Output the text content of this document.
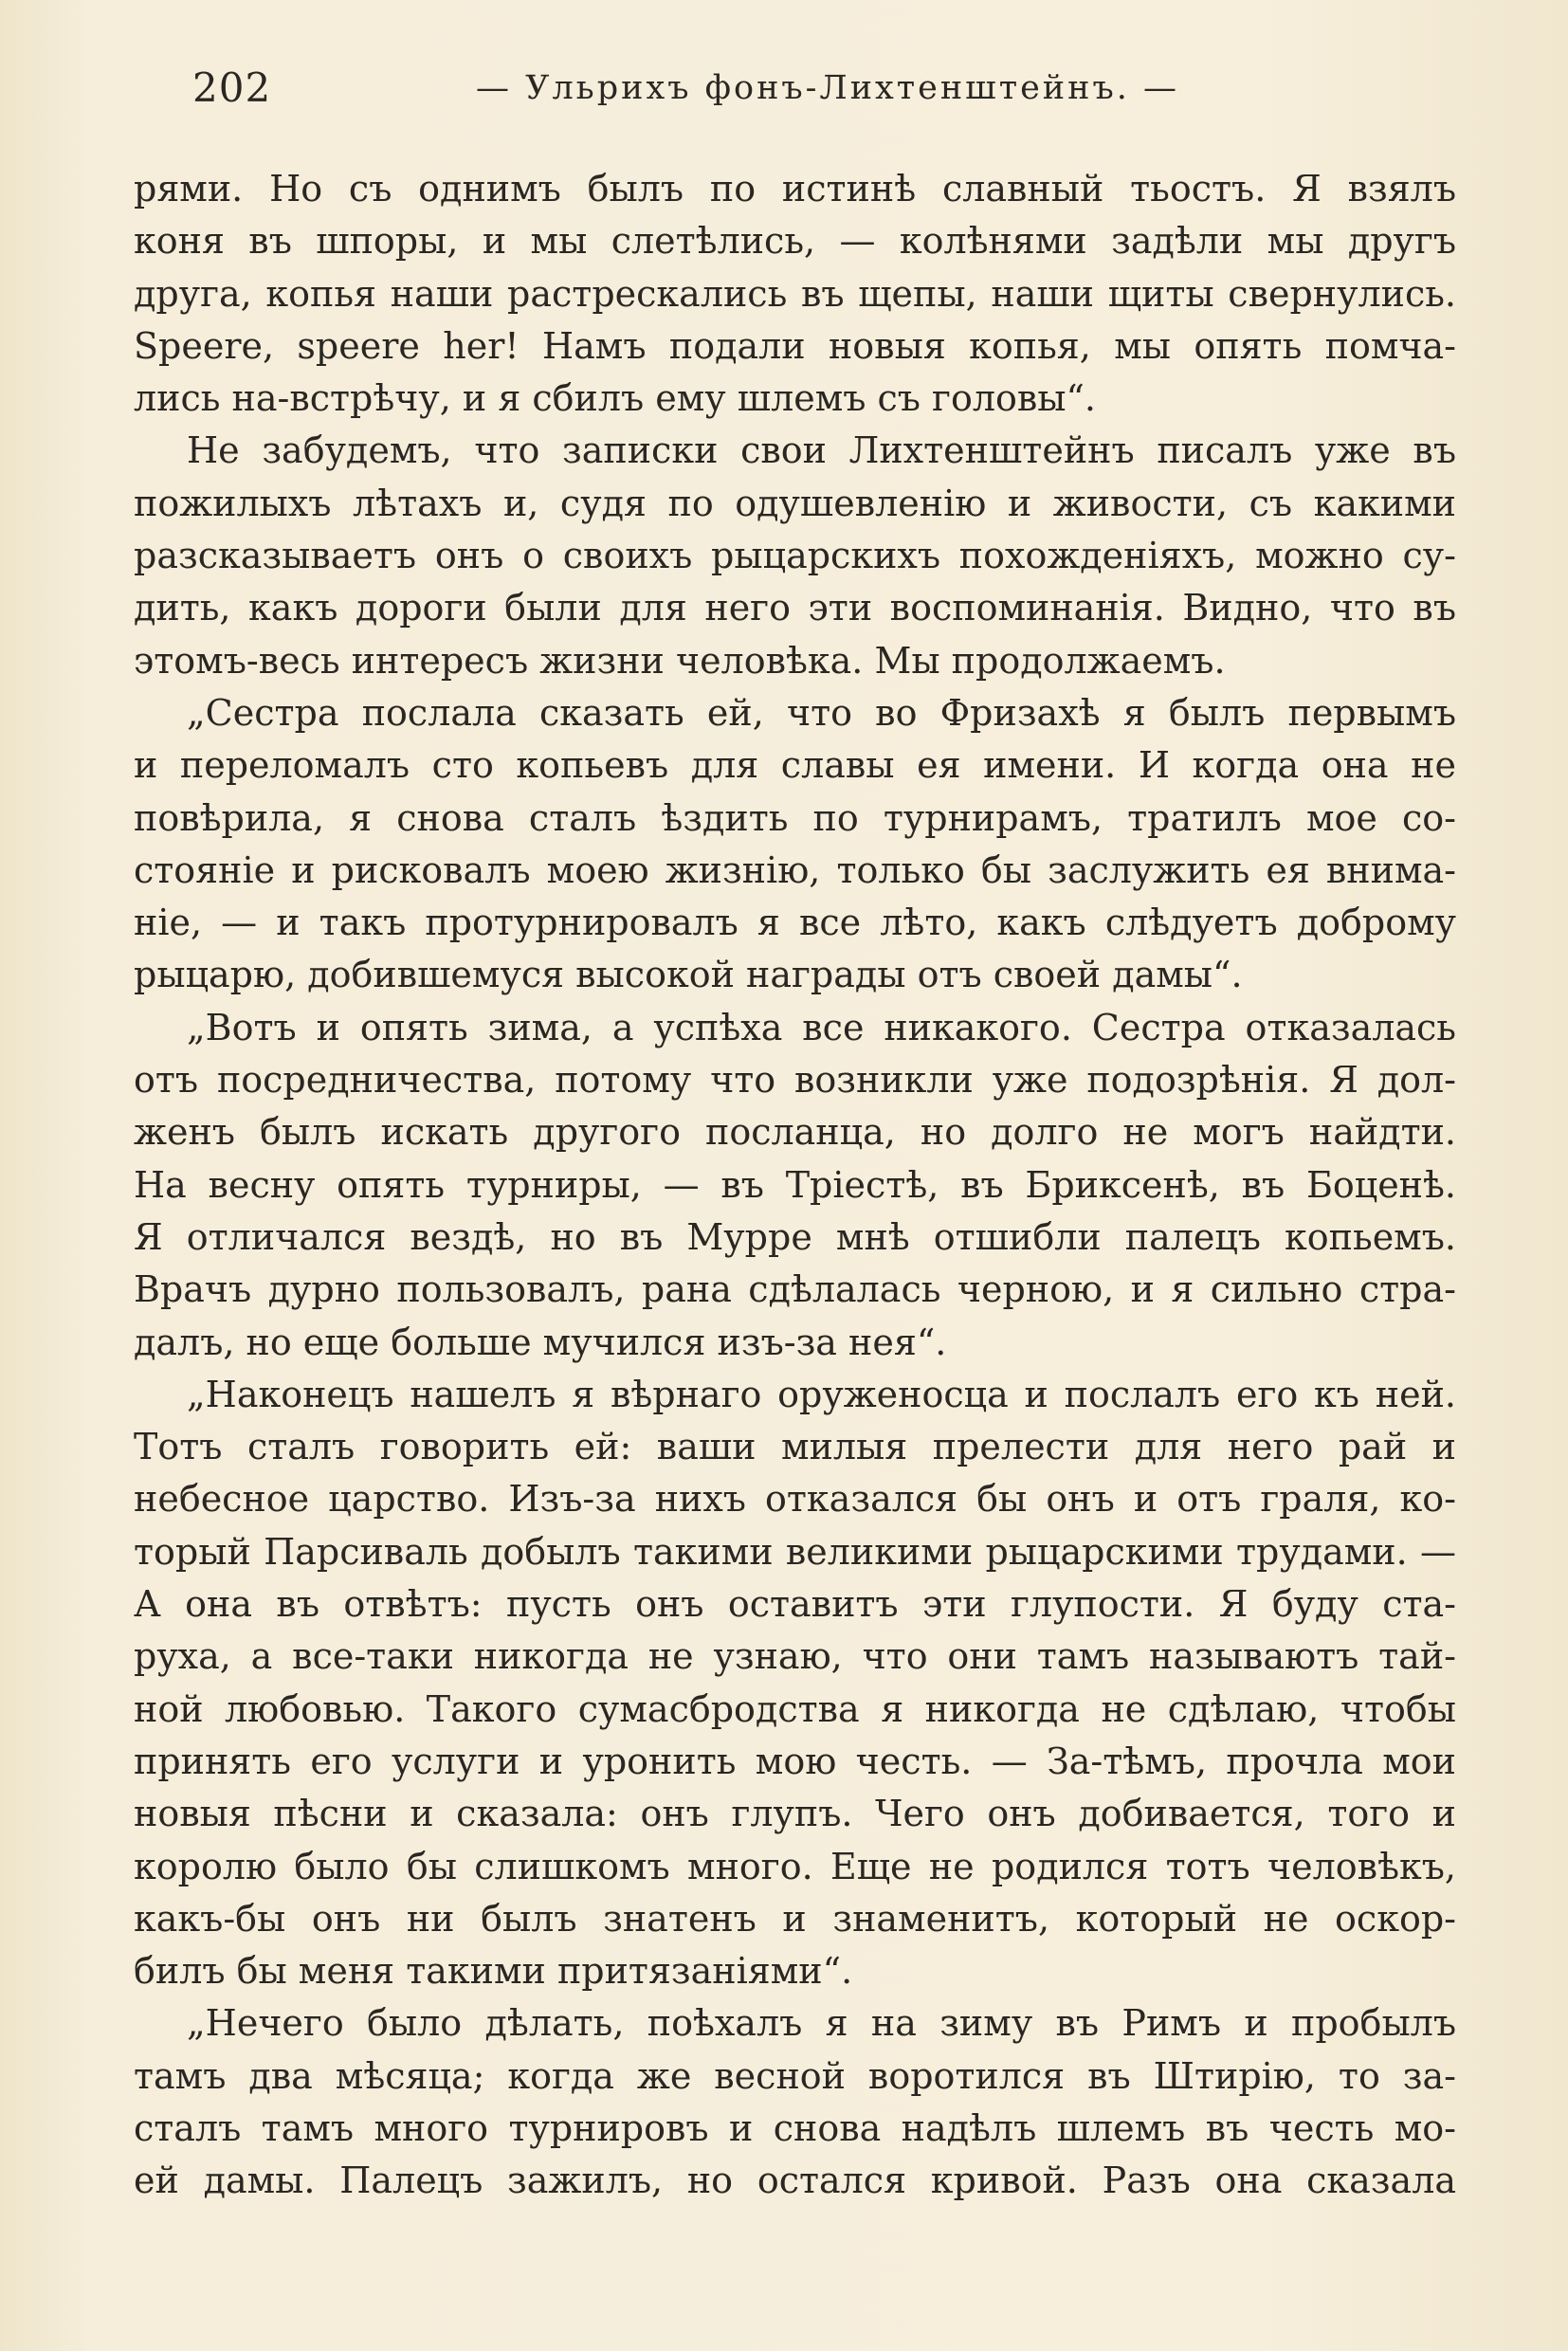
202	— Ульрихъ фонъ-Лихтенштейнъ. —
рями. Но съ однимъ былъ по истинѣ славный тьостъ. Я взялъ
коня въ шпоры, и мы слетѣлись, — колѣнями задѣли мы другъ
друга, копья наши растрескались въ щепы, наши щиты свернулись.
Speere, speere her! Намъ подали новыя копья, мы опять помча-
лись на-встрѣчу, и я сбилъ ему шлемъ съ головы“.
Не забудемъ, что записки свои Лихтенштейнъ писалъ уже въ
пожилыхъ лѣтахъ и, судя по одушевленію и живости, съ какими
разсказываетъ онъ о своихъ рыцарскихъ похожденіяхъ, можно су-
дить, какъ дороги были для него эти воспоминанія. Видно, что въ
этомъ-весь интересъ жизни человѣка. Мы продолжаемъ.
„Сестра послала сказать ей, что во Фризахѣ я былъ первымъ
и переломалъ сто копьевъ для славы ея имени. И когда она не
повѣрила, я снова сталъ ѣздить по турнирамъ, тратилъ мое со-
стояніе и рисковалъ моею жизнію, только бы заслужить ея внима-
ніе, — и такъ протурнировалъ я все лѣто, какъ слѣдуетъ доброму
рыцарю, добившемуся высокой награды отъ своей дамы“.
„Вотъ и опять зима, а успѣха все никакого. Сестра отказалась
отъ посредничества, потому что возникли уже подозрѣнія. Я дол-
женъ былъ искать другого посланца, но долго не могъ найдти.
На весну опять турниры, — въ Тріестѣ, въ Бриксенѣ, въ Боценѣ.
Я отличался вездѣ, но въ Мурре мнѣ отшибли палецъ копьемъ.
Врачъ дурно пользовалъ, рана сдѣлалась черною, и я сильно стра-
далъ, но еще больше мучился изъ-за нея“.
„Наконецъ нашелъ я вѣрнаго оруженосца и послалъ его къ ней.
Тотъ сталъ говорить ей: ваши милыя прелести для него рай и
небесное царство. Изъ-за нихъ отказался бы онъ и отъ граля, ко-
торый Парсиваль добылъ такими великими рыцарскими трудами. —
А она въ отвѣтъ: пусть онъ оставитъ эти глупости. Я буду ста-
руха, а все-таки никогда не узнаю, что они тамъ называютъ тай-
ной любовью. Такого сумасбродства я никогда не сдѣлаю, чтобы
принять его услуги и уронить мою честь. — За-тѣмъ, прочла мои
новыя пѣсни и сказала: онъ глупъ. Чего онъ добивается, того и
королю было бы слишкомъ много. Еще не родился тотъ человѣкъ,
какъ-бы онъ ни былъ знатенъ и знаменитъ, который не оскор-
билъ бы меня такими притязаніями“.
„Нечего было дѣлать, поѣхалъ я на зиму въ Римъ и пробылъ
тамъ два мѣсяца; когда же весной воротился въ Штирію, то за-
сталъ тамъ много турнировъ и снова надѣлъ шлемъ въ честь мо-
ей дамы. Палецъ зажилъ, но остался кривой. Разъ она сказала
